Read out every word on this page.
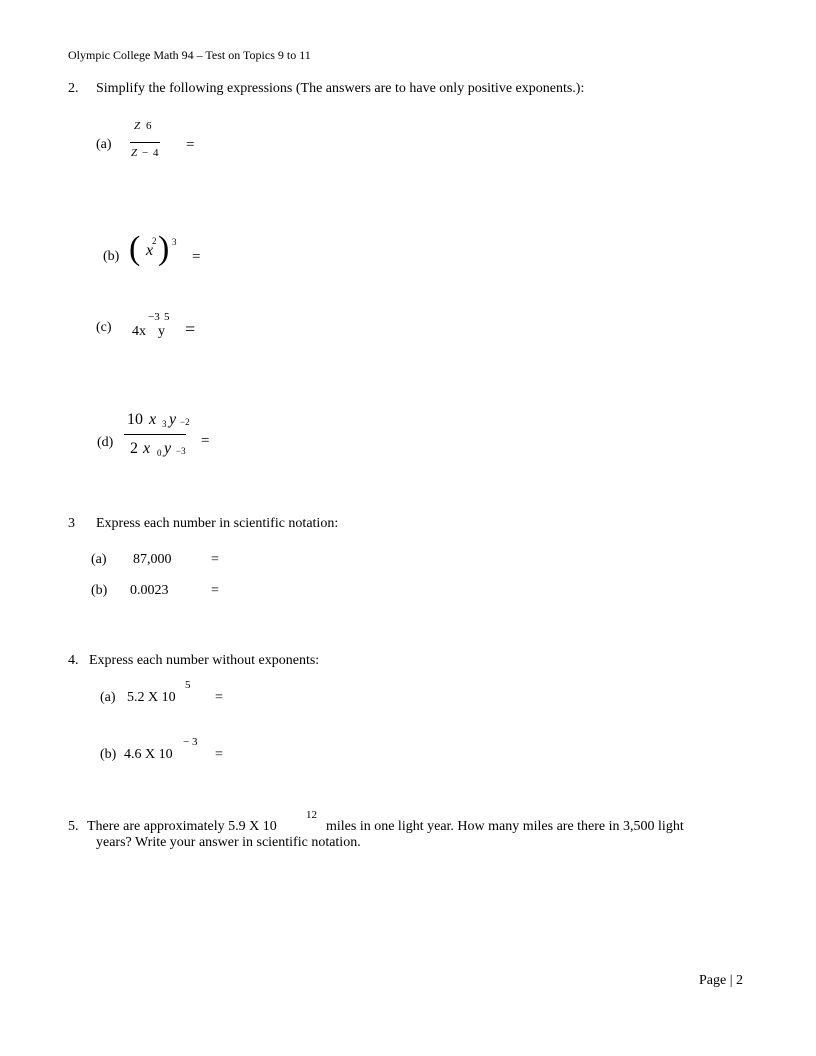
Olympic College Math 94 – Test on Topics 9 to 11
2. Simplify the following expressions (The answers are to have only positive exponents.):
(a)
Z 6
Z − 4 =
(b) ( 2
x ) 3
=
(c)
−3 5
4x y =
(d)
10 x 3 y −2
2 x 0 y −3
=
3 Express each number in scientific notation:
(a) 87,000	=
(b) 0.0023	=
4. Express each number without exponents:
(a) 5.2 X 10
5
=
(b) 4.6 X 10
− 3
=
5. There are approximately 5.9 X 10
12
miles in one light year. How many miles are there in 3,500 light
years? Write your answer in scientific notation.
Page | 2
